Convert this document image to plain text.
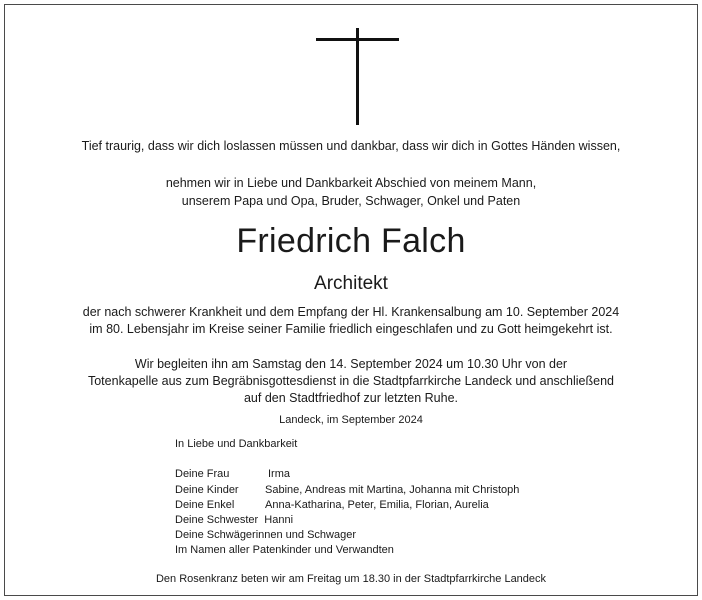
Tief traurig, dass wir dich loslassen müssen und dankbar, dass wir dich in Gottes Händen wissen,
nehmen wir in Liebe und Dankbarkeit Abschied von meinem Mann,
unserem Papa und Opa, Bruder, Schwager, Onkel und Paten
Friedrich Falch
Architekt
der nach schwerer Krankheit und dem Empfang der Hl. Krankensalbung am 10. September 2024
im 80. Lebensjahr im Kreise seiner Familie friedlich eingeschlafen und zu Gott heimgekehrt ist.
Wir begleiten ihn am Samstag den 14. September 2024 um 10.30 Uhr von der
Totenkapelle aus zum Begräbnisgottesdienst in die Stadtpfarrkirche Landeck und anschließend
auf den Stadtfriedhof zur letzten Ruhe.
Landeck, im September 2024
In Liebe und Dankbarkeit
Deine Frau	Irma
Deine Kinder Sabine, Andreas mit Martina, Johanna mit Christoph
Deine Enkel	Anna-Katharina, Peter, Emilia, Florian, Aurelia
Deine Schwester Hanni
Deine Schwägerinnen und Schwager
Im Namen aller Patenkinder und Verwandten
Den Rosenkranz beten wir am Freitag um 18.30 in der Stadtpfarrkirche Landeck
